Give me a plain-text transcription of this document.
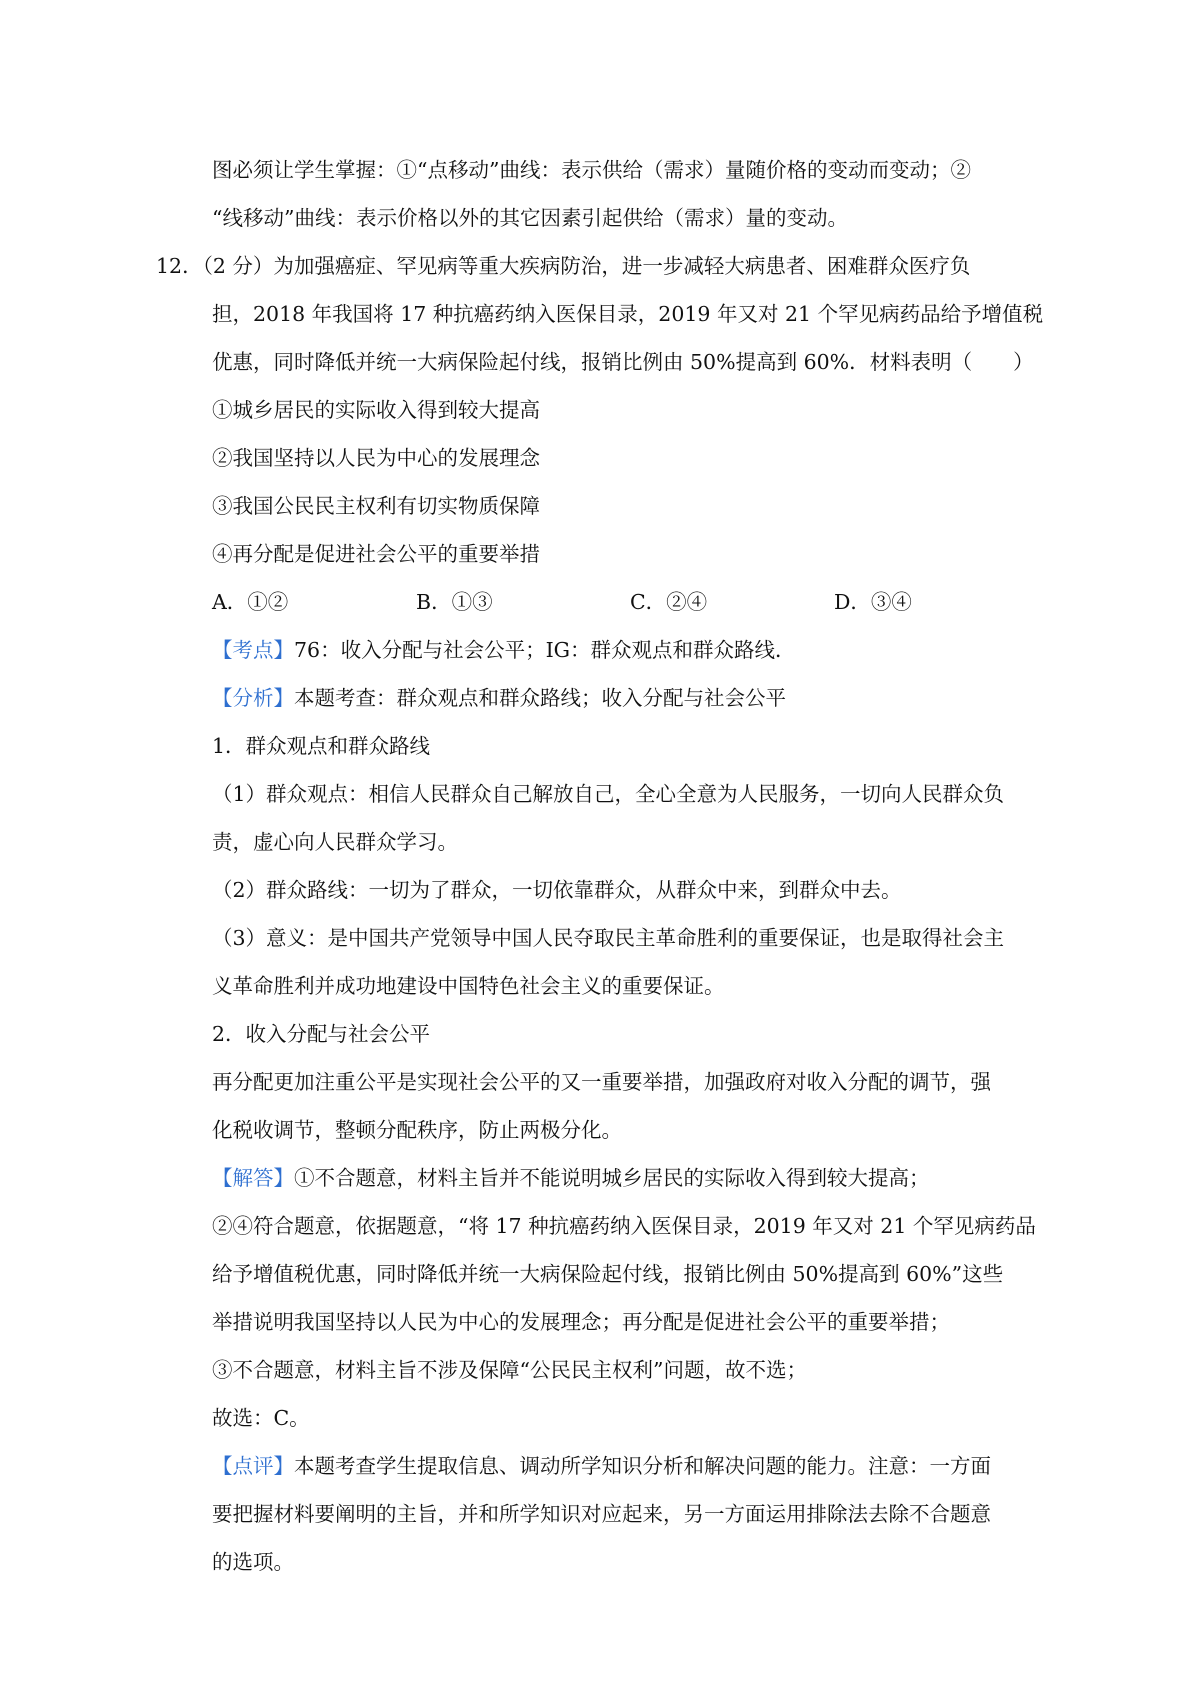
图必须让学生掌握：①“点移动”曲线：表示供给（需求）量随价格的变动而变动；②
“线移动”曲线：表示价格以外的其它因素引起供给（需求）量的变动。
12．（2 分）为加强癌症、罕见病等重大疾病防治，进一步减轻大病患者、困难群众医疗负
担，2018 年我国将 17 种抗癌药纳入医保目录，2019 年又对 21 个罕见病药品给予增值税
优惠，同时降低并统一大病保险起付线，报销比例由 50%提高到 60%．材料表明（　　）
①城乡居民的实际收入得到较大提高
②我国坚持以人民为中心的发展理念
③我国公民民主权利有切实物质保障
④再分配是促进社会公平的重要举措
A．①②	B．①③	C．②④	D．③④
【考点】76：收入分配与社会公平；IG：群众观点和群众路线．
【分析】本题考查：群众观点和群众路线；收入分配与社会公平
1．群众观点和群众路线
（1）群众观点：相信人民群众自己解放自己，全心全意为人民服务，一切向人民群众负
责，虚心向人民群众学习。
（2）群众路线：一切为了群众，一切依靠群众，从群众中来，到群众中去。
（3）意义：是中国共产党领导中国人民夺取民主革命胜利的重要保证，也是取得社会主
义革命胜利并成功地建设中国特色社会主义的重要保证。
2．收入分配与社会公平
再分配更加注重公平是实现社会公平的又一重要举措，加强政府对收入分配的调节，强
化税收调节，整顿分配秩序，防止两极分化。
【解答】①不合题意，材料主旨并不能说明城乡居民的实际收入得到较大提高；
②④符合题意，依据题意，“将 17 种抗癌药纳入医保目录，2019 年又对 21 个罕见病药品
给予增值税优惠，同时降低并统一大病保险起付线，报销比例由 50%提高到 60%”这些
举措说明我国坚持以人民为中心的发展理念；再分配是促进社会公平的重要举措；
③不合题意，材料主旨不涉及保障“公民民主权利”问题，故不选；
故选：C。
【点评】本题考查学生提取信息、调动所学知识分析和解决问题的能力。注意：一方面
要把握材料要阐明的主旨，并和所学知识对应起来，另一方面运用排除法去除不合题意
的选项。
